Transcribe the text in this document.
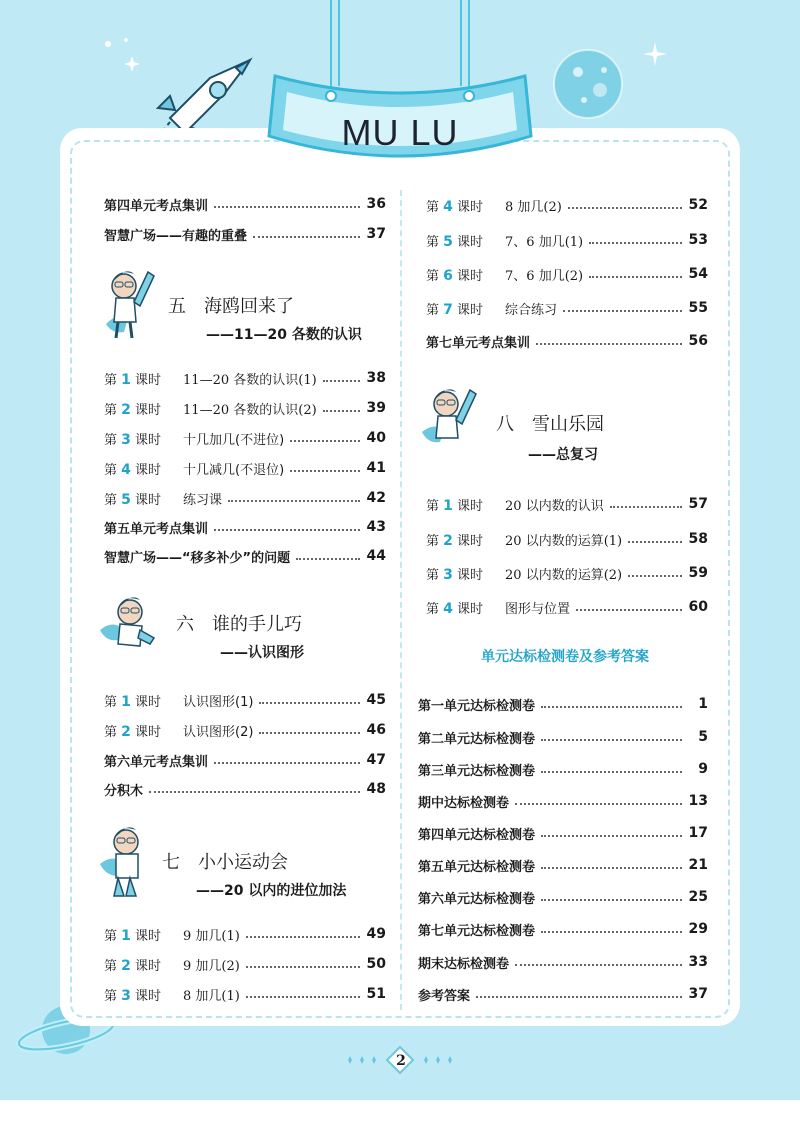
MU LU
第四单元考点集训	36
智慧广场——有趣的重叠	37
五　海鸥回来了
——11—20 各数的认识
第 1 课时 11—20 各数的认识(1)	38
第 2 课时 11—20 各数的认识(2)	39
第 3 课时 十几加几(不进位)	40
第 4 课时 十几减几(不退位)	41
第 5 课时 练习课	42
第五单元考点集训	43
智慧广场——“移多补少”的问题	44
六　谁的手儿巧
——认识图形
第 1 课时 认识图形(1)	45
第 2 课时 认识图形(2)	46
第六单元考点集训	47
分积木	48
七　小小运动会
——20 以内的进位加法
第 1 课时 9 加几(1)	49
第 2 课时 9 加几(2)	50
第 3 课时 8 加几(1)	51
第 4 课时 8 加几(2)	52
第 5 课时 7、6 加几(1)	53
第 6 课时 7、6 加几(2)	54
第 7 课时 综合练习	55
第七单元考点集训	56
八　雪山乐园
——总复习
第 1 课时 20 以内数的认识	57
第 2 课时 20 以内数的运算(1)	58
第 3 课时 20 以内数的运算(2)	59
第 4 课时 图形与位置	60
单元达标检测卷及参考答案
第一单元达标检测卷	1
第二单元达标检测卷	5
第三单元达标检测卷	9
期中达标检测卷	13
第四单元达标检测卷	17
第五单元达标检测卷	21
第六单元达标检测卷	25
第七单元达标检测卷	29
期末达标检测卷	33
参考答案	37
2
